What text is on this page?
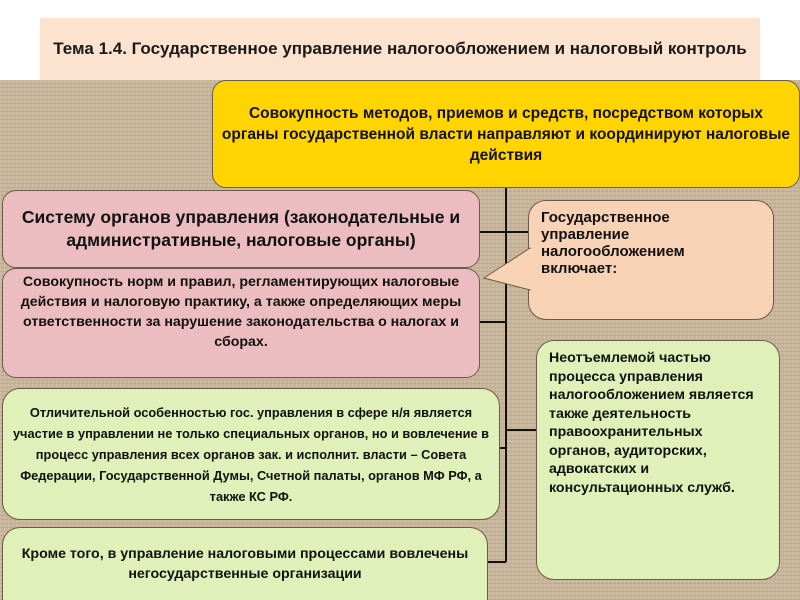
Тема 1.4. Государственное управление налогообложением и налоговый контроль
Совокупность методов, приемов и средств, посредством которых органы государственной власти направляют и координируют налоговые действия
Систему органов управления (законодательные и административные, налоговые органы)
Совокупность норм и правил, регламентирующих налоговые действия и налоговую практику, а также определяющих меры ответственности за нарушение законодательства о налогах и сборах.
Государственное управление налогообложением включает:
Отличительной особенностью гос. управления в сфере н/я является участие в управлении не только специальных органов, но и вовлечение в процесс управления всех органов зак. и исполнит. власти – Совета Федерации, Государственной Думы, Счетной палаты, органов МФ РФ, а также КС РФ.
Неотъемлемой частью процесса управления налогообложением является также деятельность правоохранительных органов, аудиторских, адвокатских и консультационных служб.
Кроме того, в управление налоговыми процессами вовлечены негосударственные организации
